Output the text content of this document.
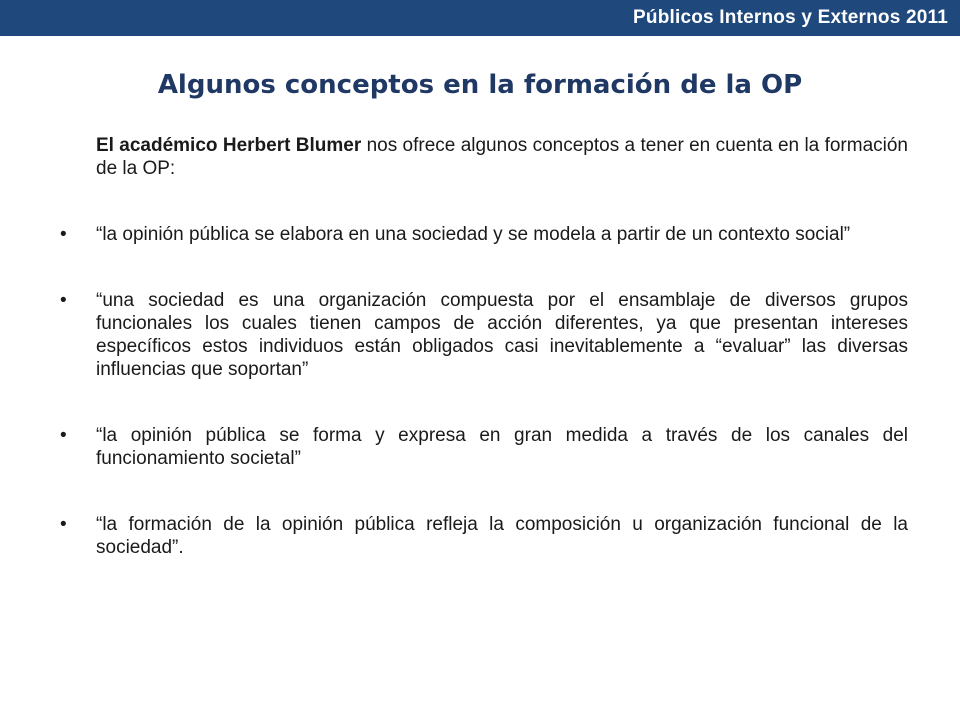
Públicos Internos y Externos 2011
Algunos conceptos en la formación de la OP

El académico Herbert Blumer nos ofrece algunos conceptos a tener en cuenta en la formación de la OP:

• “la opinión pública se elabora en una sociedad y se modela a partir de un contexto social”
• “una sociedad es una organización compuesta por el ensamblaje de diversos grupos funcionales los cuales tienen campos de acción diferentes, ya que presentan intereses específicos estos individuos están obligados casi inevitablemente a “evaluar” las diversas influencias que soportan”
• “la opinión pública se forma y expresa en gran medida a través de los canales del funcionamiento societal”
• “la formación de la opinión pública refleja la composición u organización funcional de la sociedad”.
